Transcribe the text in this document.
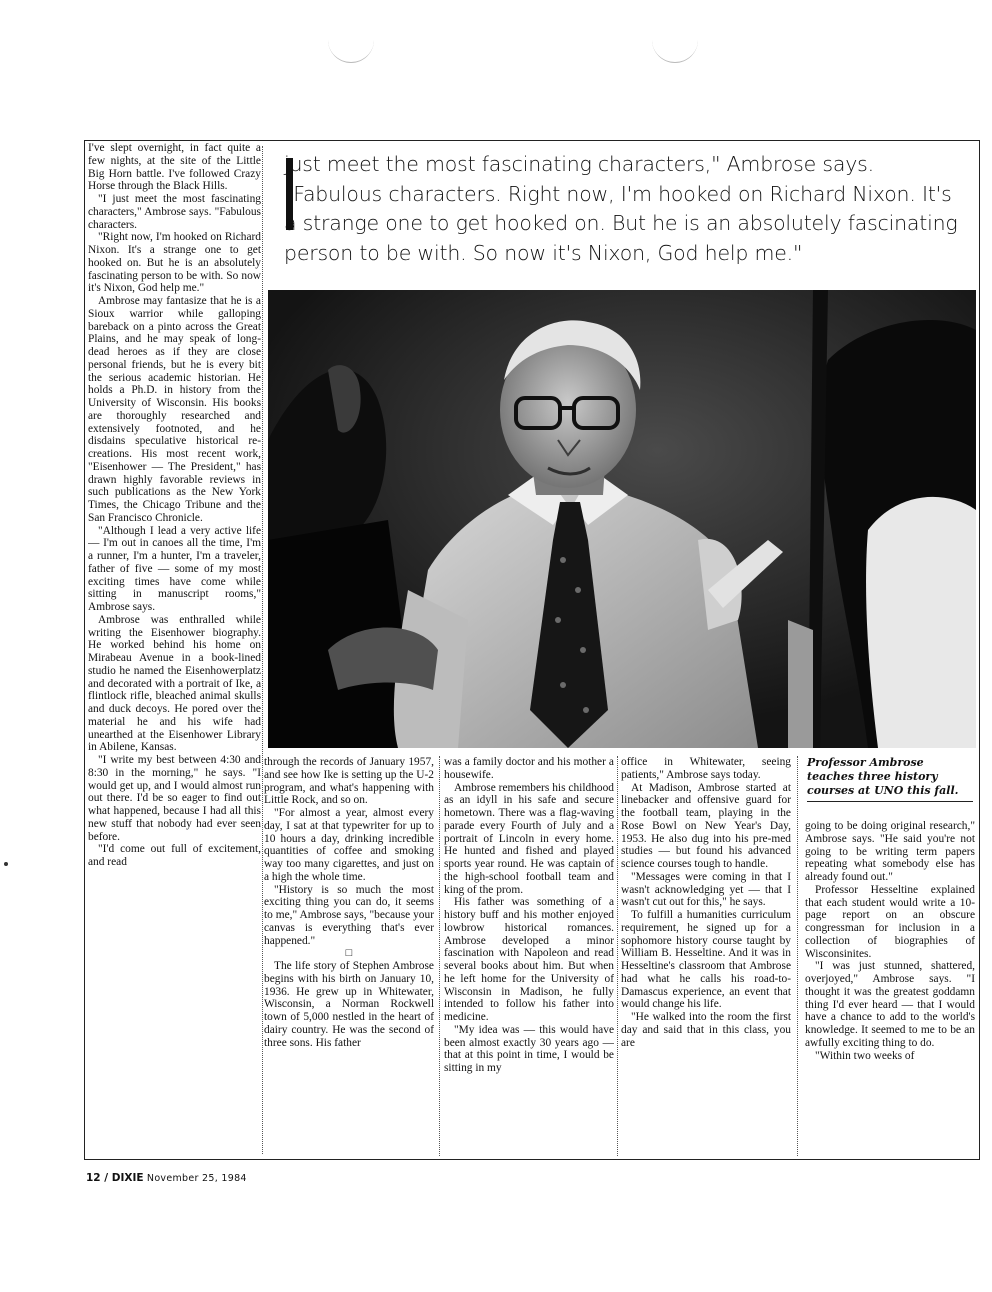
just meet the most fascinating characters," Ambrose says. "Fabulous characters. Right now, I'm hooked on Richard Nixon. It's a strange one to get hooked on. But he is an absolutely fascinating person to be with. So now it's Nixon, God help me."
Professor Ambrose teaches three history courses at UNO this fall.

I've slept overnight, in fact quite a few nights, at the site of the Little Big Horn battle. I've followed Crazy Horse through the Black Hills.

"I just meet the most fascinating characters," Ambrose says. "Fabulous characters.

"Right now, I'm hooked on Richard Nixon. It's a strange one to get hooked on. But he is an absolutely fascinating person to be with. So now it's Nixon, God help me."

Ambrose may fantasize that he is a Sioux warrior while galloping bareback on a pinto across the Great Plains, and he may speak of long-dead heroes as if they are close personal friends, but he is every bit the serious academic historian. He holds a Ph.D. in history from the University of Wisconsin. His books are thoroughly researched and extensively footnoted, and he disdains speculative historical re-creations. His most recent work, "Eisenhower — The President," has drawn highly favorable reviews in such publications as the New York Times, the Chicago Tribune and the San Francisco Chronicle.

"Although I lead a very active life — I'm out in canoes all the time, I'm a runner, I'm a hunter, I'm a traveler, father of five — some of my most exciting times have come while sitting in manuscript rooms," Ambrose says.

Ambrose was enthralled while writing the Eisenhower biography. He worked behind his home on Mirabeau Avenue in a book-lined studio he named the Eisenhowerplatz and decorated with a portrait of Ike, a flintlock rifle, bleached animal skulls and duck decoys. He pored over the material he and his wife had unearthed at the Eisenhower Library in Abilene, Kansas.

"I write my best between 4:30 and 8:30 in the morning," he says. "I would get up, and I would almost run out there. I'd be so eager to find out what happened, because I had all this new stuff that nobody had ever seen before.

"I'd come out full of excitement, and read

through the records of January 1957, and see how Ike is setting up the U-2 program, and what's happening with Little Rock, and so on.

"For almost a year, almost every day, I sat at that typewriter for up to 10 hours a day, drinking incredible quantities of coffee and smoking way too many cigarettes, and just on a high the whole time.

"History is so much the most exciting thing you can do, it seems to me," Ambrose says, "because your canvas is everything that's ever happened."

□

The life story of Stephen Ambrose begins with his birth on January 10, 1936. He grew up in Whitewater, Wisconsin, a Norman Rockwell town of 5,000 nestled in the heart of dairy country. He was the second of three sons. His father

was a family doctor and his mother a housewife.

Ambrose remembers his childhood as an idyll in his safe and secure hometown. There was a flag-waving parade every Fourth of July and a portrait of Lincoln in every home. He hunted and fished and played sports year round. He was captain of the high-school football team and king of the prom.

His father was something of a history buff and his mother enjoyed lowbrow historical romances. Ambrose developed a minor fascination with Napoleon and read several books about him. But when he left home for the University of Wisconsin in Madison, he fully intended to follow his father into medicine.

"My idea was — this would have been almost exactly 30 years ago — that at this point in time, I would be sitting in my

office in Whitewater, seeing patients," Ambrose says today.

At Madison, Ambrose started at linebacker and offensive guard for the football team, playing in the Rose Bowl on New Year's Day, 1953. He also dug into his pre-med studies — but found his advanced science courses tough to handle.

"Messages were coming in that I wasn't acknowledging yet — that I wasn't cut out for this," he says.

To fulfill a humanities curriculum requirement, he signed up for a sophomore history course taught by William B. Hesseltine. And it was in Hesseltine's classroom that Ambrose had what he calls his road-to-Damascus experience, an event that would change his life.

"He walked into the room the first day and said that in this class, you are

going to be doing original research," Ambrose says. "He said you're not going to be writing term papers repeating what somebody else has already found out."

Professor Hesseltine explained that each student would write a 10-page report on an obscure congressman for inclusion in a collection of biographies of Wisconsinites.

"I was just stunned, shattered, overjoyed," Ambrose says. "I thought it was the greatest goddamn thing I'd ever heard — that I would have a chance to add to the world's knowledge. It seemed to me to be an awfully exciting thing to do.

"Within two weeks of

12 / DIXIE November 25, 1984
